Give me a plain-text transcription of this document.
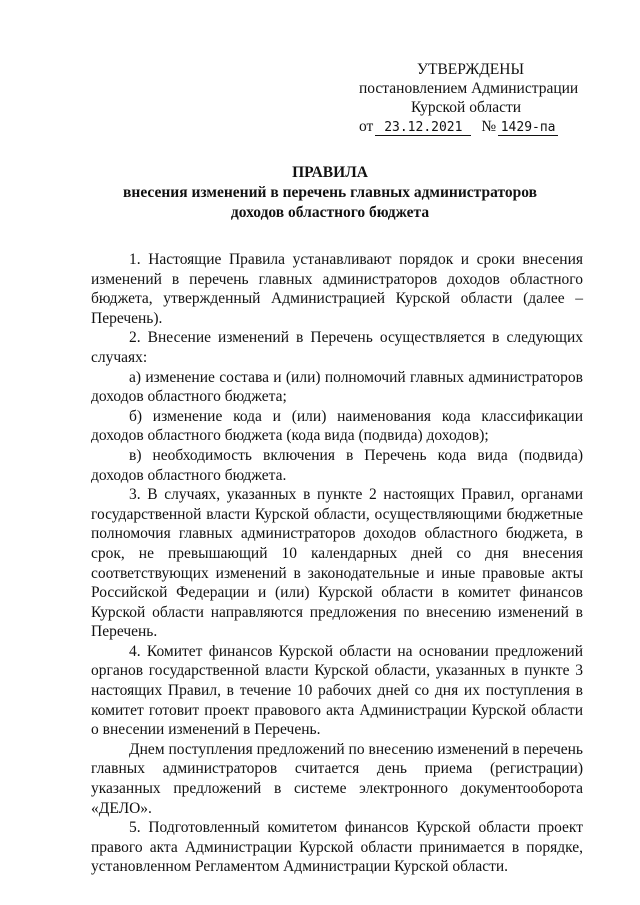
УТВЕРЖДЕНЫ
постановлением Администрации
Курской области
от 23.12.2021 № 1429-па
ПРАВИЛА
внесения изменений в перечень главных администраторов
доходов областного бюджета

1. Настоящие Правила устанавливают порядок и сроки внесения изменений в перечень главных администраторов доходов областного бюджета, утвержденный Администрацией Курской области (далее – Перечень).

2. Внесение изменений в Перечень осуществляется в следующих случаях:

а) изменение состава и (или) полномочий главных администраторов доходов областного бюджета;

б) изменение кода и (или) наименования кода классификации доходов областного бюджета (кода вида (подвида) доходов);

в) необходимость включения в Перечень кода вида (подвида) доходов областного бюджета.

3. В случаях, указанных в пункте 2 настоящих Правил, органами государственной власти Курской области, осуществляющими бюджетные полномочия главных администраторов доходов областного бюджета, в срок, не превышающий 10 календарных дней со дня внесения соответствующих изменений в законодательные и иные правовые акты Российской Федерации и (или) Курской области в комитет финансов Курской области направляются предложения по внесению изменений в Перечень.

4. Комитет финансов Курской области на основании предложений органов государственной власти Курской области, указанных в пункте 3 настоящих Правил, в течение 10 рабочих дней со дня их поступления в комитет готовит проект правового акта Администрации Курской области о внесении изменений в Перечень.

Днем поступления предложений по внесению изменений в перечень главных администраторов считается день приема (регистрации) указанных предложений в системе электронного документооборота «ДЕЛО».

5. Подготовленный комитетом финансов Курской области проект правого акта Администрации Курской области принимается в порядке, установленном Регламентом Администрации Курской области.
